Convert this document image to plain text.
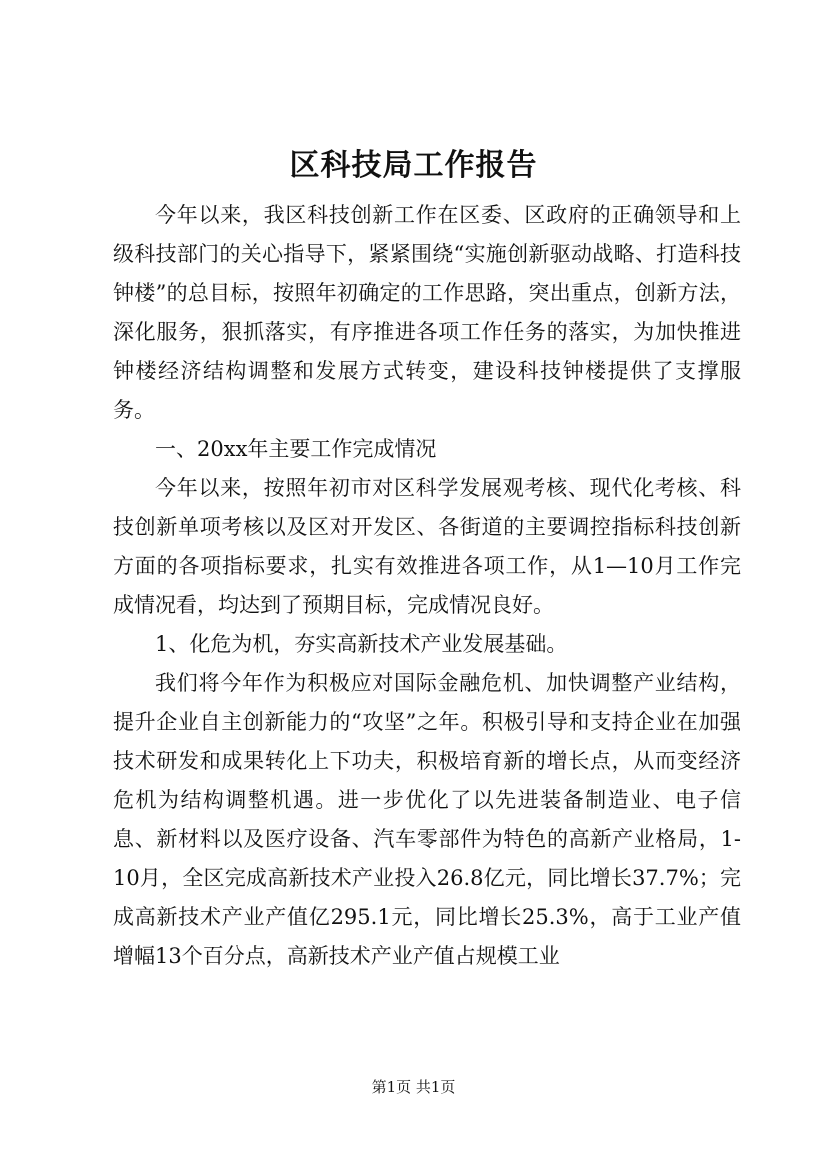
区科技局工作报告

今年以来，我区科技创新工作在区委、区政府的正确领导和上级科技部门的关心指导下，紧紧围绕“实施创新驱动战略、打造科技钟楼”的总目标，按照年初确定的工作思路，突出重点，创新方法，深化服务，狠抓落实，有序推进各项工作任务的落实，为加快推进钟楼经济结构调整和发展方式转变，建设科技钟楼提供了支撑服务。

一、20xx年主要工作完成情况

今年以来，按照年初市对区科学发展观考核、现代化考核、科技创新单项考核以及区对开发区、各街道的主要调控指标科技创新方面的各项指标要求，扎实有效推进各项工作，从1—10月工作完成情况看，均达到了预期目标，完成情况良好。

1、化危为机，夯实高新技术产业发展基础。

我们将今年作为积极应对国际金融危机、加快调整产业结构，提升企业自主创新能力的“攻坚”之年。积极引导和支持企业在加强技术研发和成果转化上下功夫，积极培育新的增长点，从而变经济危机为结构调整机遇。进一步优化了以先进装备制造业、电子信息、新材料以及医疗设备、汽车零部件为特色的高新产业格局，1-10月，全区完成高新技术产业投入26.8亿元，同比增长37.7%；完成高新技术产业产值亿295.1元，同比增长25.3%，高于工业产值增幅13个百分点，高新技术产业产值占规模工业

第1页 共1页
